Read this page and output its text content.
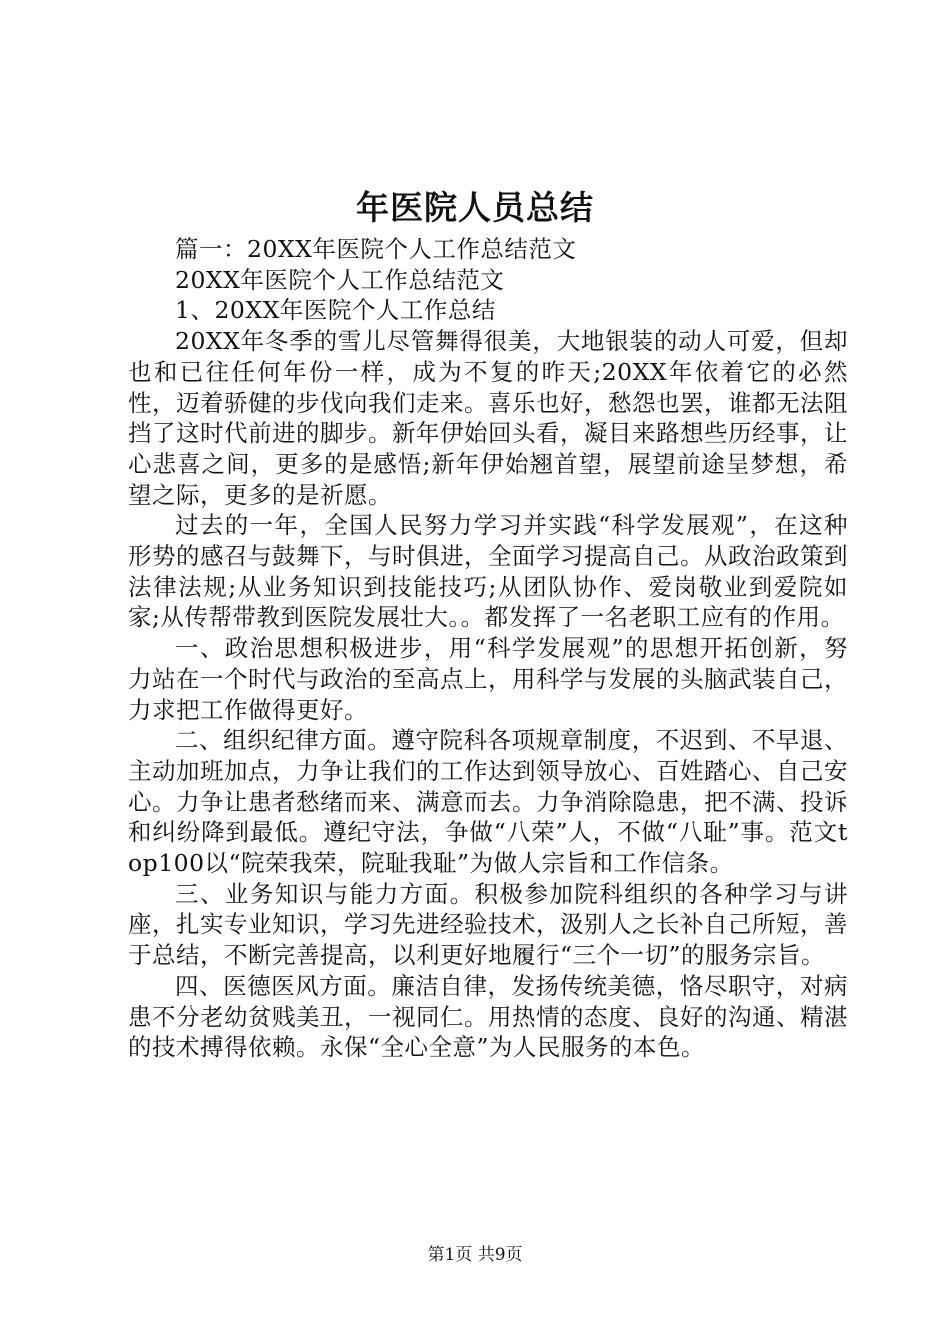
年医院人员总结

篇一：20XX年医院个人工作总结范文

20XX年医院个人工作总结范文

1、20XX年医院个人工作总结

20XX年冬季的雪儿尽管舞得很美，大地银装的动人可爱，但却也和已往任何年份一样，成为不复的昨天;20XX年依着它的必然性，迈着骄健的步伐向我们走来。喜乐也好，愁怨也罢，谁都无法阻挡了这时代前进的脚步。新年伊始回头看，凝目来路想些历经事，让心悲喜之间，更多的是感悟;新年伊始翘首望，展望前途呈梦想，希望之际，更多的是祈愿。

过去的一年，全国人民努力学习并实践“科学发展观”，在这种形势的感召与鼓舞下，与时俱进，全面学习提高自己。从政治政策到法律法规;从业务知识到技能技巧;从团队协作、爱岗敬业到爱院如家;从传帮带教到医院发展壮大。。都发挥了一名老职工应有的作用。

一、政治思想积极进步，用“科学发展观”的思想开拓创新，努力站在一个时代与政治的至高点上，用科学与发展的头脑武装自己，力求把工作做得更好。

二、组织纪律方面。遵守院科各项规章制度，不迟到、不早退、主动加班加点，力争让我们的工作达到领导放心、百姓踏心、自己安心。力争让患者愁绪而来、满意而去。力争消除隐患，把不满、投诉和纠纷降到最低。遵纪守法，争做“八荣”人，不做“八耻”事。范文top100以“院荣我荣，院耻我耻”为做人宗旨和工作信条。

三、业务知识与能力方面。积极参加院科组织的各种学习与讲座，扎实专业知识，学习先进经验技术，汲别人之长补自己所短，善于总结，不断完善提高，以利更好地履行“三个一切”的服务宗旨。

四、医德医风方面。廉洁自律，发扬传统美德，恪尽职守，对病患不分老幼贫贱美丑，一视同仁。用热情的态度、良好的沟通、精湛的技术搏得依赖。永保“全心全意”为人民服务的本色。

第1页 共9页
